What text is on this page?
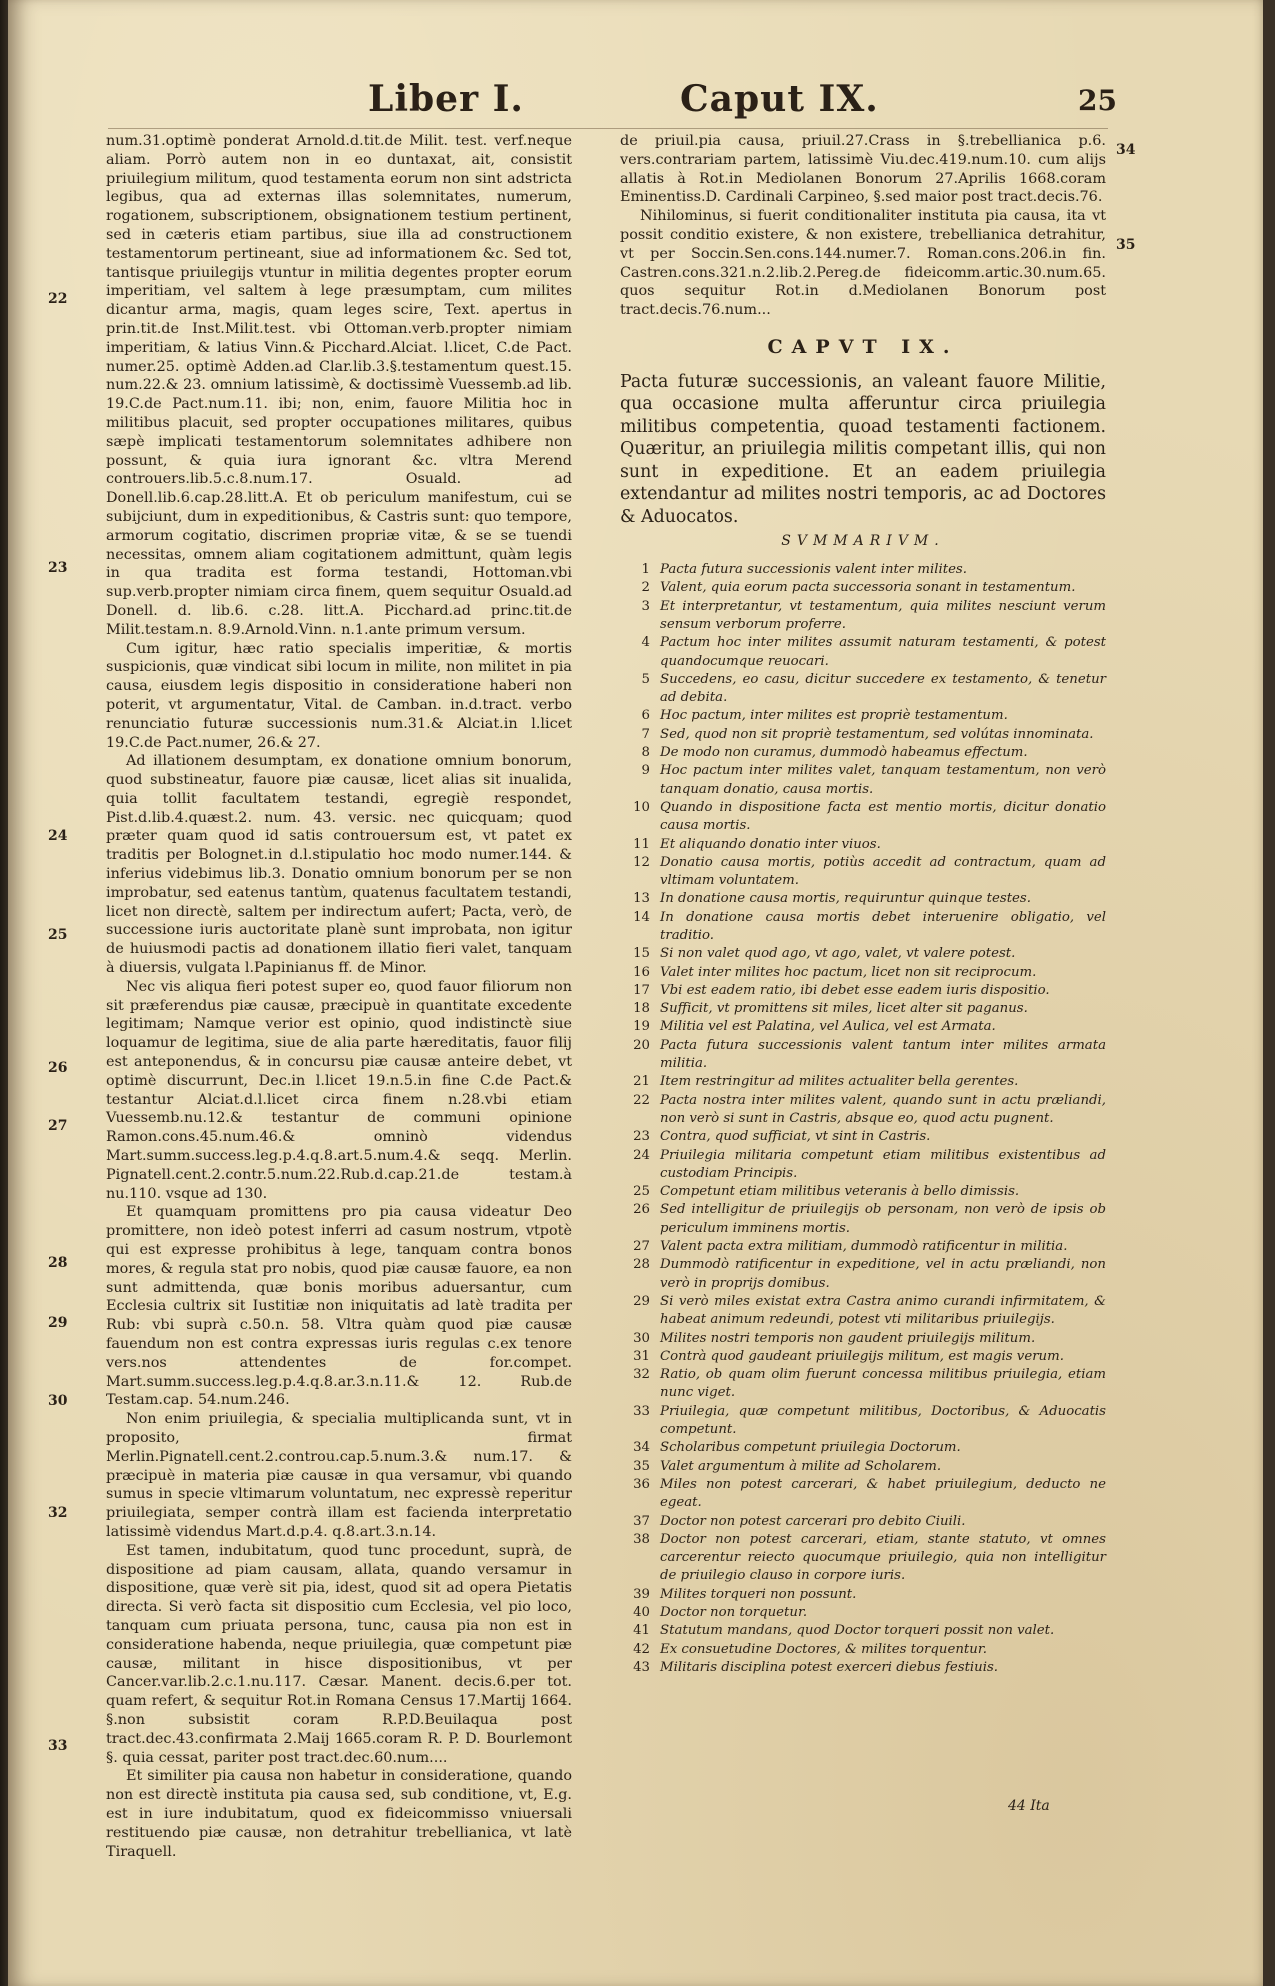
Liber I.	Caput IX.	25
22
23
24
25
26
27
28
29
30
32
33
34
35

num.31.optimè ponderat Arnold.d.tit.de Milit. test. verf.neque aliam. Porrò autem non in eo duntaxat, ait, consistit priuilegium militum, quod testamenta eorum non sint adstricta legibus, qua ad externas illas solemnitates, numerum, rogationem, subscriptionem, obsignationem testium pertinent, sed in cæteris etiam partibus, siue illa ad constructionem testamentorum pertineant, siue ad informationem &c. Sed tot, tantisque priuilegijs vtuntur in militia degentes propter eorum imperitiam, vel saltem à lege præsumptam, cum milites dicantur arma, magis, quam leges scire, Text. apertus in prin.tit.de Inst.Milit.test. vbi Ottoman.verb.propter nimiam imperitiam, & latius Vinn.& Picchard.Alciat. l.licet, C.de Pact. numer.25. optimè Adden.ad Clar.lib.3.§.testamentum quest.15. num.22.& 23. omnium latissimè, & doctissimè Vuessemb.ad lib. 19.C.de Pact.num.11. ibi; non, enim, fauore Militia hoc in militibus placuit, sed propter occupationes militares, quibus sæpè implicati testamentorum solemnitates adhibere non possunt, & quia iura ignorant &c. vltra Merend controuers.lib.5.c.8.num.17. Osuald. ad Donell.lib.6.cap.28.litt.A. Et ob periculum manifestum, cui se subijciunt, dum in expeditionibus, & Castris sunt: quo tempore, armorum cogitatio, discrimen propriæ vitæ, & se se tuendi necessitas, omnem aliam cogitationem admittunt, quàm legis in qua tradita est forma testandi, Hottoman.vbi sup.verb.propter nimiam circa finem, quem sequitur Osuald.ad Donell. d. lib.6. c.28. litt.A. Picchard.ad princ.tit.de Milit.testam.n. 8.9.Arnold.Vinn. n.1.ante primum versum.

Cum igitur, hæc ratio specialis imperitiæ, & mortis suspicionis, quæ vindicat sibi locum in milite, non militet in pia causa, eiusdem legis dispositio in consideratione haberi non poterit, vt argumentatur, Vital. de Camban. in.d.tract. verbo renunciatio futuræ successionis num.31.& Alciat.in l.licet 19.C.de Pact.numer, 26.& 27.

Ad illationem desumptam, ex donatione omnium bonorum, quod substineatur, fauore piæ causæ, licet alias sit inualida, quia tollit facultatem testandi, egregiè respondet, Pist.d.lib.4.quæst.2. num. 43. versic. nec quicquam; quod præter quam quod id satis controuersum est, vt patet ex traditis per Bolognet.in d.l.stipulatio hoc modo numer.144. & inferius videbimus lib.3. Donatio omnium bonorum per se non improbatur, sed eatenus tantùm, quatenus facultatem testandi, licet non directè, saltem per indirectum aufert; Pacta, verò, de successione iuris auctoritate planè sunt improbata, non igitur de huiusmodi pactis ad donationem illatio fieri valet, tanquam à diuersis, vulgata l.Papinianus ff. de Minor.

Nec vis aliqua fieri potest super eo, quod fauor filiorum non sit præferendus piæ causæ, præcipuè in quantitate excedente legitimam; Namque verior est opinio, quod indistinctè siue loquamur de legitima, siue de alia parte hæreditatis, fauor filij est anteponendus, & in concursu piæ causæ anteire debet, vt optimè discurrunt, Dec.in l.licet 19.n.5.in fine C.de Pact.& testantur Alciat.d.l.licet circa finem n.28.vbi etiam Vuessemb.nu.12.& testantur de communi opinione Ramon.cons.45.num.46.& omninò videndus Mart.summ.success.leg.p.4.q.8.art.5.num.4.& seqq. Merlin. Pignatell.cent.2.contr.5.num.22.Rub.d.cap.21.de testam.à nu.110. vsque ad 130.

Et quamquam promittens pro pia causa videatur Deo promittere, non ideò potest inferri ad casum nostrum, vtpotè qui est expresse prohibitus à lege, tanquam contra bonos mores, & regula stat pro nobis, quod piæ causæ fauore, ea non sunt admittenda, quæ bonis moribus aduersantur, cum Ecclesia cultrix sit Iustitiæ non iniquitatis ad latè tradita per Rub: vbi suprà c.50.n. 58. Vltra quàm quod piæ causæ fauendum non est contra expressas iuris regulas c.ex tenore vers.nos attendentes de for.compet. Mart.summ.success.leg.p.4.q.8.ar.3.n.11.& 12. Rub.de Testam.cap. 54.num.246.

Non enim priuilegia, & specialia multiplicanda sunt, vt in proposito, firmat Merlin.Pignatell.cent.2.controu.cap.5.num.3.& num.17. & præcipuè in materia piæ causæ in qua versamur, vbi quando sumus in specie vltimarum voluntatum, nec expressè reperitur priuilegiata, semper contrà illam est facienda interpretatio latissimè videndus Mart.d.p.4. q.8.art.3.n.14.

Est tamen, indubitatum, quod tunc procedunt, suprà, de dispositione ad piam causam, allata, quando versamur in dispositione, quæ verè sit pia, idest, quod sit ad opera Pietatis directa. Si verò facta sit dispositio cum Ecclesia, vel pio loco, tanquam cum priuata persona, tunc, causa pia non est in consideratione habenda, neque priuilegia, quæ competunt piæ causæ, militant in hisce dispositionibus, vt per Cancer.var.lib.2.c.1.nu.117. Cæsar. Manent. decis.6.per tot. quam refert, & sequitur Rot.in Romana Census 17.Martij 1664. §.non subsistit coram R.P.D.Beuilaqua post tract.dec.43.confirmata 2.Maij 1665.coram R. P. D. Bourlemont §. quia cessat, pariter post tract.dec.60.num....

Et similiter pia causa non habetur in consideratione, quando non est directè instituta pia causa sed, sub conditione, vt, E.g. est in iure indubitatum, quod ex fideicommisso vniuersali restituendo piæ causæ, non detrahitur trebellianica, vt latè Tiraquell.

de priuil.pia causa, priuil.27.Crass in §.trebellianica p.6. vers.contrariam partem, latissimè Viu.dec.419.num.10. cum alijs allatis à Rot.in Mediolanen Bonorum 27.Aprilis 1668.coram Eminentiss.D. Cardinali Carpineo, §.sed maior post tract.decis.76.

Nihilominus, si fuerit conditionaliter instituta pia causa, ita vt possit conditio existere, & non existere, trebellianica detrahitur, vt per Soccin.Sen.cons.144.numer.7. Roman.cons.206.in fin. Castren.cons.321.n.2.lib.2.Pereg.de fideicomm.artic.30.num.65. quos sequitur Rot.in d.Mediolanen Bonorum post tract.decis.76.num...

CAPVT IX.

Pacta futuræ successionis, an valeant fauore Militie, qua occasione multa afferuntur circa priuilegia militibus competentia, quoad testamenti factionem. Quæritur, an priuilegia militis competant illis, qui non sunt in expeditione. Et an eadem priuilegia extendantur ad milites nostri temporis, ac ad Doctores & Aduocatos.

SVMMARIVM.
1 Pacta futura successionis valent inter milites.
2 Valent, quia eorum pacta successoria sonant in testamentum.
3 Et interpretantur, vt testamentum, quia milites nesciunt verum sensum verborum proferre.
4 Pactum hoc inter milites assumit naturam testamenti, & potest quandocumque reuocari.
5 Succedens, eo casu, dicitur succedere ex testamento, & tenetur ad debita.
6 Hoc pactum, inter milites est propriè testamentum.
7 Sed, quod non sit propriè testamentum, sed volútas innominata.
8 De modo non curamus, dummodò habeamus effectum.
9 Hoc pactum inter milites valet, tanquam testamentum, non verò tanquam donatio, causa mortis.
10 Quando in dispositione facta est mentio mortis, dicitur donatio causa mortis.
11 Et aliquando donatio inter viuos.
12 Donatio causa mortis, potiùs accedit ad contractum, quam ad vltimam voluntatem.
13 In donatione causa mortis, requiruntur quinque testes.
14 In donatione causa mortis debet interuenire obligatio, vel traditio.
15 Si non valet quod ago, vt ago, valet, vt valere potest.
16 Valet inter milites hoc pactum, licet non sit reciprocum.
17 Vbi est eadem ratio, ibi debet esse eadem iuris dispositio.
18 Sufficit, vt promittens sit miles, licet alter sit paganus.
19 Militia vel est Palatina, vel Aulica, vel est Armata.
20 Pacta futura successionis valent tantum inter milites armata militia.
21 Item restringitur ad milites actualiter bella gerentes.
22 Pacta nostra inter milites valent, quando sunt in actu præliandi, non verò si sunt in Castris, absque eo, quod actu pugnent.
23 Contra, quod sufficiat, vt sint in Castris.
24 Priuilegia militaria competunt etiam militibus existentibus ad custodiam Principis.
25 Competunt etiam militibus veteranis à bello dimissis.
26 Sed intelligitur de priuilegijs ob personam, non verò de ipsis ob periculum imminens mortis.
27 Valent pacta extra militiam, dummodò ratificentur in militia.
28 Dummodò ratificentur in expeditione, vel in actu præliandi, non verò in proprijs domibus.
29 Si verò miles existat extra Castra animo curandi infirmitatem, & habeat animum redeundi, potest vti militaribus priuilegijs.
30 Milites nostri temporis non gaudent priuilegijs militum.
31 Contrà quod gaudeant priuilegijs militum, est magis verum.
32 Ratio, ob quam olim fuerunt concessa militibus priuilegia, etiam nunc viget.
33 Priuilegia, quæ competunt militibus, Doctoribus, & Aduocatis competunt.
34 Scholaribus competunt priuilegia Doctorum.
35 Valet argumentum à milite ad Scholarem.
36 Miles non potest carcerari, & habet priuilegium, deducto ne egeat.
37 Doctor non potest carcerari pro debito Ciuili.
38 Doctor non potest carcerari, etiam, stante statuto, vt omnes carcerentur reiecto quocumque priuilegio, quia non intelligitur de priuilegio clauso in corpore iuris.
39 Milites torqueri non possunt.
40 Doctor non torquetur.
41 Statutum mandans, quod Doctor torqueri possit non valet.
42 Ex consuetudine Doctores, & milites torquentur.
43 Militaris disciplina potest exerceri diebus festiuis.
44 Ita
